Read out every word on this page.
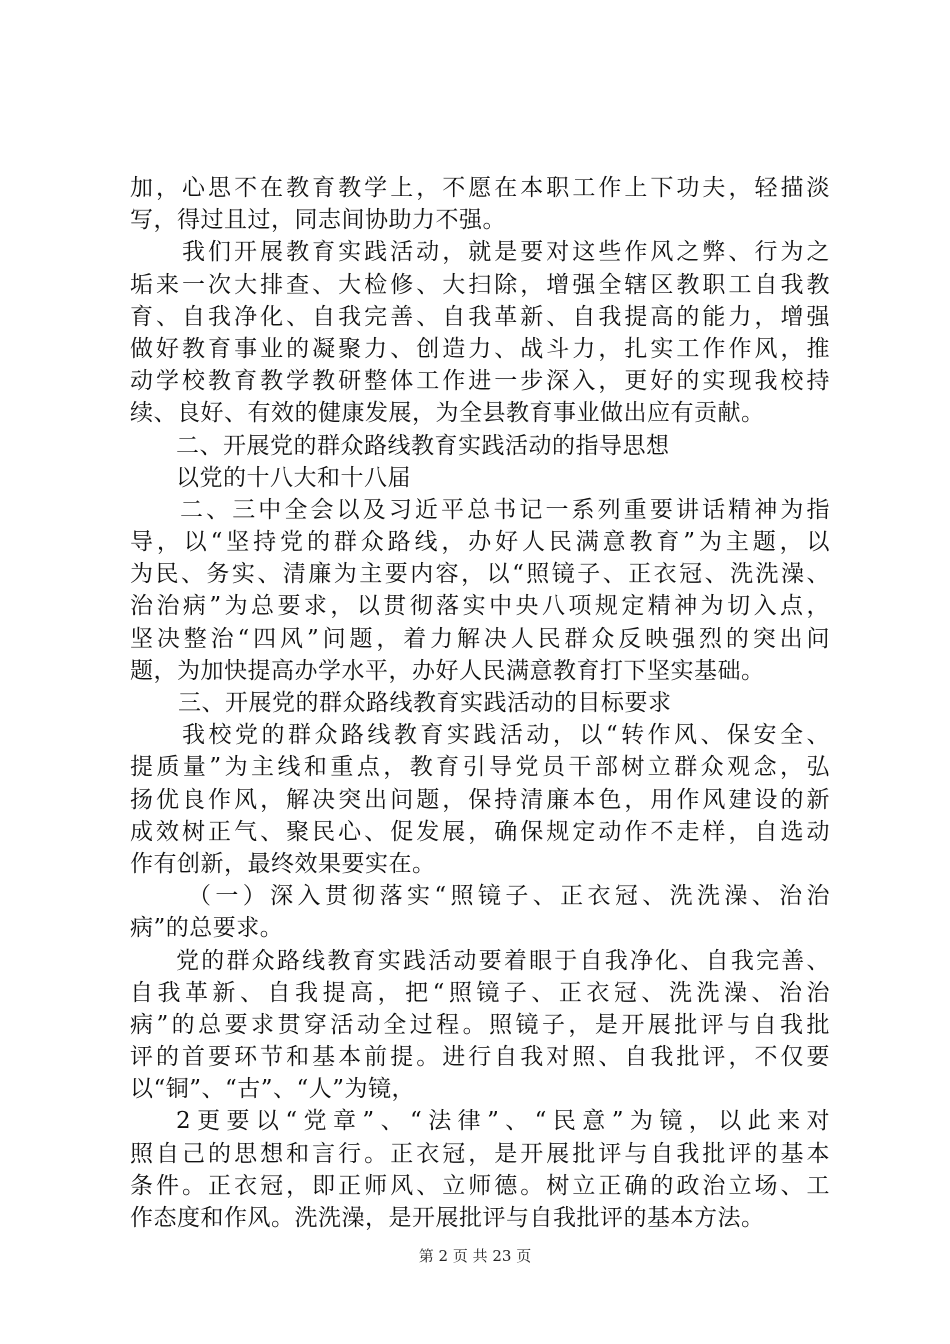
加，心思不在教育教学上，不愿在本职工作上下功夫，轻描淡
写，得过且过，同志间协助力不强。
我们开展教育实践活动，就是要对这些作风之弊、行为之
垢来一次大排查、大检修、大扫除，增强全辖区教职工自我教
育、自我净化、自我完善、自我革新、自我提高的能力，增强
做好教育事业的凝聚力、创造力、战斗力，扎实工作作风，推
动学校教育教学教研整体工作进一步深入，更好的实现我校持
续、良好、有效的健康发展，为全县教育事业做出应有贡献。
二、开展党的群众路线教育实践活动的指导思想
以党的十八大和十八届
二、三中全会以及习近平总书记一系列重要讲话精神为指
导，以“坚持党的群众路线，办好人民满意教育”为主题，以
为民、务实、清廉为主要内容，以“照镜子、正衣冠、洗洗澡、
治治病”为总要求，以贯彻落实中央八项规定精神为切入点，
坚决整治“四风”问题，着力解决人民群众反映强烈的突出问
题，为加快提高办学水平，办好人民满意教育打下坚实基础。
三、开展党的群众路线教育实践活动的目标要求
我校党的群众路线教育实践活动，以“转作风、保安全、
提质量”为主线和重点，教育引导党员干部树立群众观念，弘
扬优良作风，解决突出问题，保持清廉本色，用作风建设的新
成效树正气、聚民心、促发展，确保规定动作不走样，自选动
作有创新，最终效果要实在。
（一）深入贯彻落实“照镜子、正衣冠、洗洗澡、治治
病”的总要求。
党的群众路线教育实践活动要着眼于自我净化、自我完善、
自我革新、自我提高，把“照镜子、正衣冠、洗洗澡、治治
病”的总要求贯穿活动全过程。照镜子，是开展批评与自我批
评的首要环节和基本前提。进行自我对照、自我批评，不仅要
以“铜”、“古”、“人”为镜，
2更要以“党章”、“法律”、“民意”为镜，以此来对
照自己的思想和言行。正衣冠，是开展批评与自我批评的基本
条件。正衣冠，即正师风、立师德。树立正确的政治立场、工
作态度和作风。洗洗澡，是开展批评与自我批评的基本方法。
第 2 页 共 23 页
